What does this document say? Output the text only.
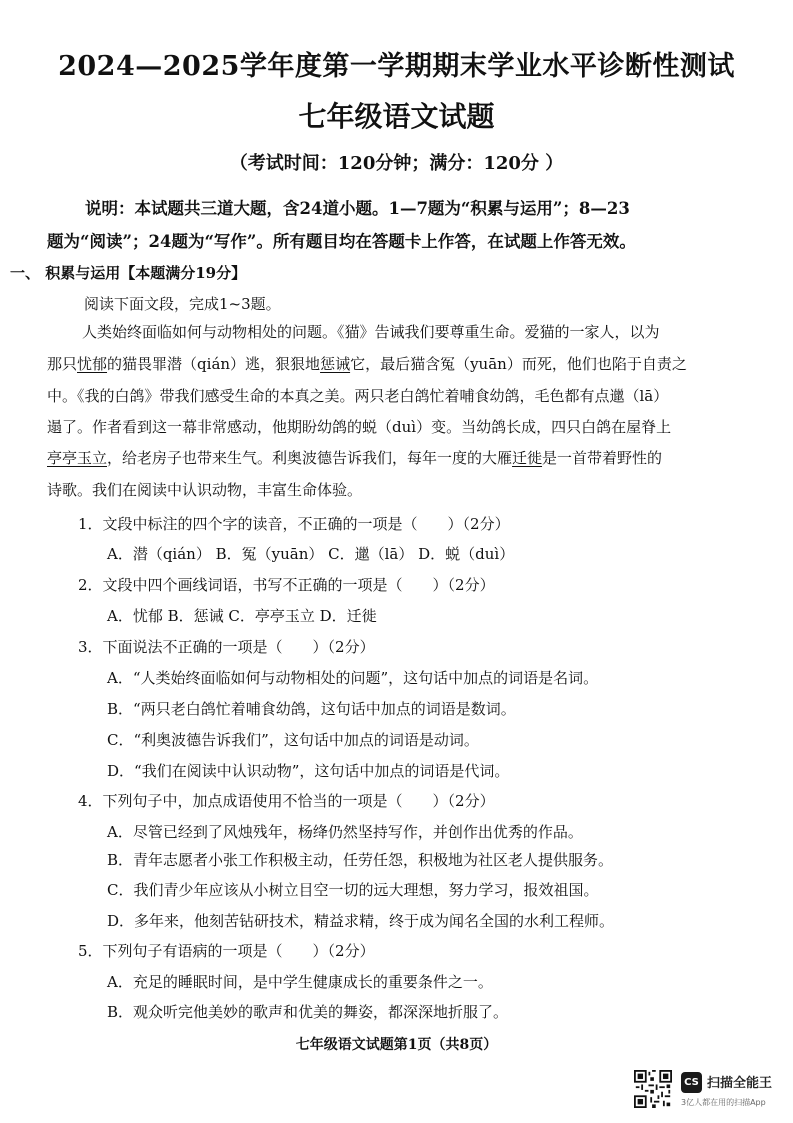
2024—2025学年度第一学期期末学业水平诊断性测试
七年级语文试题
（考试时间：120分钟；满分：120分 ）
说明：本试题共三道大题，含24道小题。1—7题为“积累与运用”；8—23
题为“阅读”；24题为“写作”。所有题目均在答题卡上作答，在试题上作答无效。
一、 积累与运用【本题满分19分】
阅读下面文段，完成1~3题。
人类始终面临如何与动物相处的问题。《猫》告诫我们要尊重生命。爱猫的一家人，以为
那只忧郁的猫畏罪潜（qián）逃，狠狠地惩诫它，最后猫含冤（yuān）而死，他们也陷于自责之
中。《我的白鸽》带我们感受生命的本真之美。两只老白鸽忙着哺食幼鸽，毛色都有点邋（lā）
遢了。作者看到这一幕非常感动，他期盼幼鸽的蜕（duì）变。当幼鸽长成，四只白鸽在屋脊上
亭亭玉立，给老房子也带来生气。利奥波德告诉我们，每年一度的大雁迁徙是一首带着野性的
诗歌。我们在阅读中认识动物，丰富生命体验。
1．文段中标注的四个字的读音，不正确的一项是（　　）（2分）
A．潜（qián） B．冤（yuān） C．邋（lā） D．蜕（duì）
2．文段中四个画线词语，书写不正确的一项是（　　）（2分）
A．忧郁 B．惩诫 C．亭亭玉立 D．迁徙
3．下面说法不正确的一项是（　　）（2分）
A．“人类始终面临如何与动物相处的问题”，这句话中加点的词语是名词。
B．“两只老白鸽忙着哺食幼鸽，这句话中加点的词语是数词。
C．“利奥波德告诉我们”，这句话中加点的词语是动词。
D．“我们在阅读中认识动物”，这句话中加点的词语是代词。
4．下列句子中，加点成语使用不恰当的一项是（　　）（2分）
A．尽管已经到了风烛残年，杨绛仍然坚持写作，并创作出优秀的作品。
B．青年志愿者小张工作积极主动，任劳任怨，积极地为社区老人提供服务。
C．我们青少年应该从小树立目空一切的远大理想，努力学习，报效祖国。
D．多年来，他刻苦钻研技术，精益求精，终于成为闻名全国的水利工程师。
5．下列句子有语病的一项是（　　）（2分）
A．充足的睡眠时间，是中学生健康成长的重要条件之一。
B．观众听完他美妙的歌声和优美的舞姿，都深深地折服了。
七年级语文试题第1页（共8页）
CS 扫描全能王
3亿人都在用的扫描App
